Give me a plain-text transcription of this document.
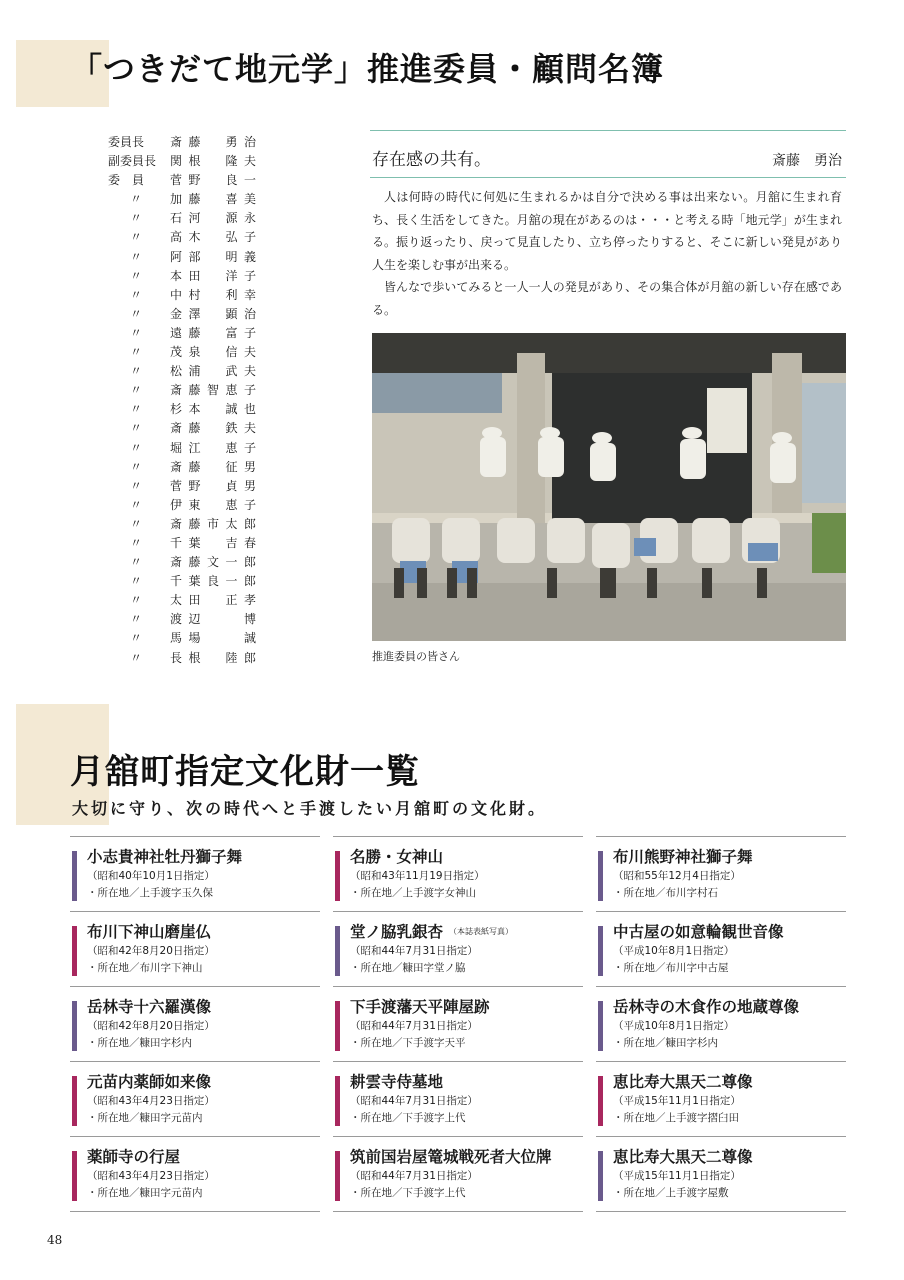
「つきだて地元学」推進委員・顧問名簿
委員長	斎藤　勇治
副委員長	関根　隆夫
委　員	菅野　良一
〃	加藤　喜美
〃	石河　源永
〃	高木　弘子
〃	阿部　明義
〃	本田　洋子
〃	中村　利幸
〃	金澤　顕治
〃	遠藤　富子
〃	茂泉　信夫
〃	松浦　武夫
〃	斎藤智恵子
〃	杉本　誠也
〃	斎藤　鉄夫
〃	堀江　恵子
〃	斎藤　征男
〃	菅野　貞男
〃	伊東　恵子
〃	斎藤市太郎
〃	千葉　吉春
〃	斎藤文一郎
〃	千葉良一郎
〃	太田　正孝
〃	渡辺　　博
〃	馬場　　誠
〃	長根　陸郎
存在感の共有。	斎藤　勇治

人は何時の時代に何処に生まれるかは自分で決める事は出来ない。月舘に生まれ育ち、長く生活をしてきた。月舘の現在があるのは・・・と考える時「地元学」が生まれる。振り返ったり、戻って見直したり、立ち停ったりすると、そこに新しい発見があり人生を楽しむ事が出来る。

皆んなで歩いてみると一人一人の発見があり、その集合体が月舘の新しい存在感である。

推進委員の皆さん
月舘町指定文化財一覧
大切に守り、次の時代へと手渡したい月舘町の文化財。
小志貴神社牡丹獅子舞
（昭和40年10月1日指定）
・所在地／上手渡字玉久保
布川下神山磨崖仏
（昭和42年8月20日指定）
・所在地／布川字下神山
岳林寺十六羅漢像
（昭和42年8月20日指定）
・所在地／糠田字杉内
元苗内薬師如来像
（昭和43年4月23日指定）
・所在地／糠田字元苗内
薬師寺の行屋
（昭和43年4月23日指定）
・所在地／糠田字元苗内
名勝・女神山
（昭和43年11月19日指定）
・所在地／上手渡字女神山
堂ノ脇乳銀杏 （本誌表紙写真）
（昭和44年7月31日指定）
・所在地／糠田字堂ノ脇
下手渡藩天平陣屋跡
（昭和44年7月31日指定）
・所在地／下手渡字天平
耕雲寺侍墓地
（昭和44年7月31日指定）
・所在地／下手渡字上代
筑前国岩屋篭城戦死者大位牌
（昭和44年7月31日指定）
・所在地／下手渡字上代
布川熊野神社獅子舞
（昭和55年12月4日指定）
・所在地／布川字村石
中古屋の如意輪観世音像
（平成10年8月1日指定）
・所在地／布川字中古屋
岳林寺の木食作の地蔵尊像
（平成10年8月1日指定）
・所在地／糠田字杉内
恵比寿大黒天二尊像
（平成15年11月1日指定）
・所在地／上手渡字摺臼田
恵比寿大黒天二尊像
（平成15年11月1日指定）
・所在地／上手渡字屋敷
48
